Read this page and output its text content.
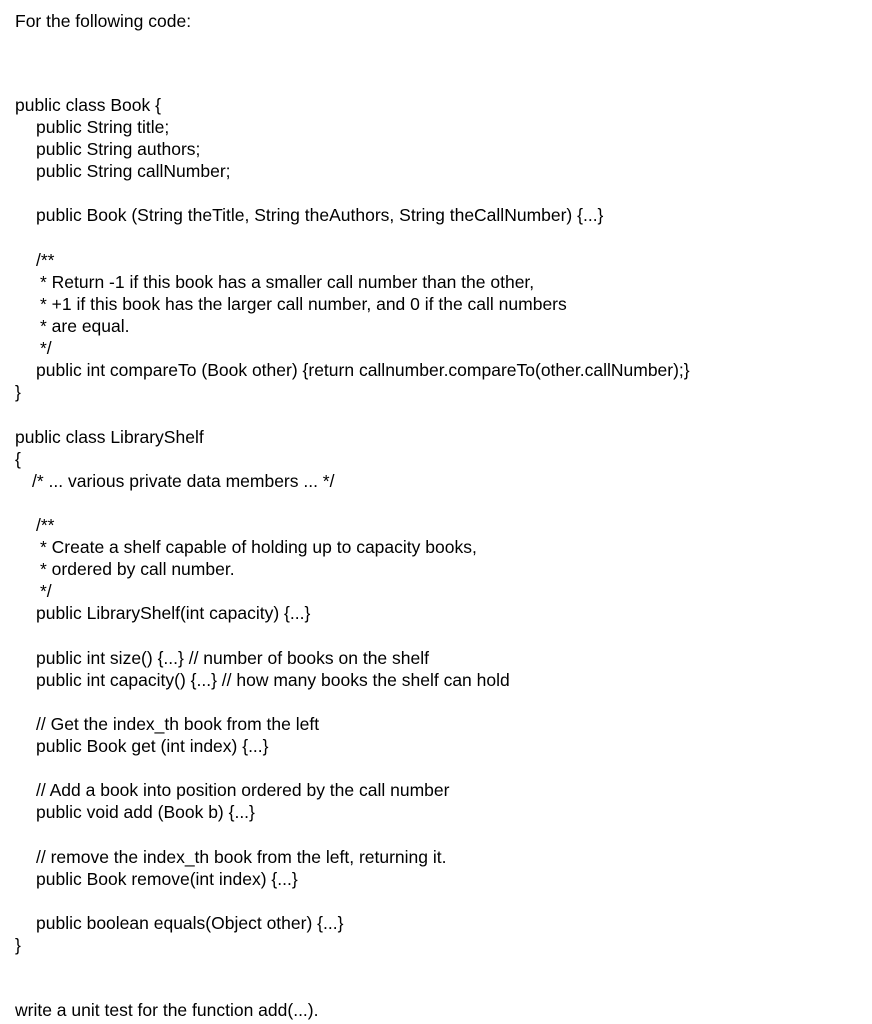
For the following code:
public class Book {
public String title;
public String authors;
public String callNumber;
public Book (String theTitle, String theAuthors, String theCallNumber) {...}
/**
* Return -1 if this book has a smaller call number than the other,
* +1 if this book has the larger call number, and 0 if the call numbers
* are equal.
*/
public int compareTo (Book other) {return callnumber.compareTo(other.callNumber);}
}
public class LibraryShelf
{
/* ... various private data members ... */
/**
* Create a shelf capable of holding up to capacity books,
* ordered by call number.
*/
public LibraryShelf(int capacity) {...}
public int size() {...} // number of books on the shelf
public int capacity() {...} // how many books the shelf can hold
// Get the index_th book from the left
public Book get (int index) {...}
// Add a book into position ordered by the call number
public void add (Book b) {...}
// remove the index_th book from the left, returning it.
public Book remove(int index) {...}
public boolean equals(Object other) {...}
}
write a unit test for the function add(...).
